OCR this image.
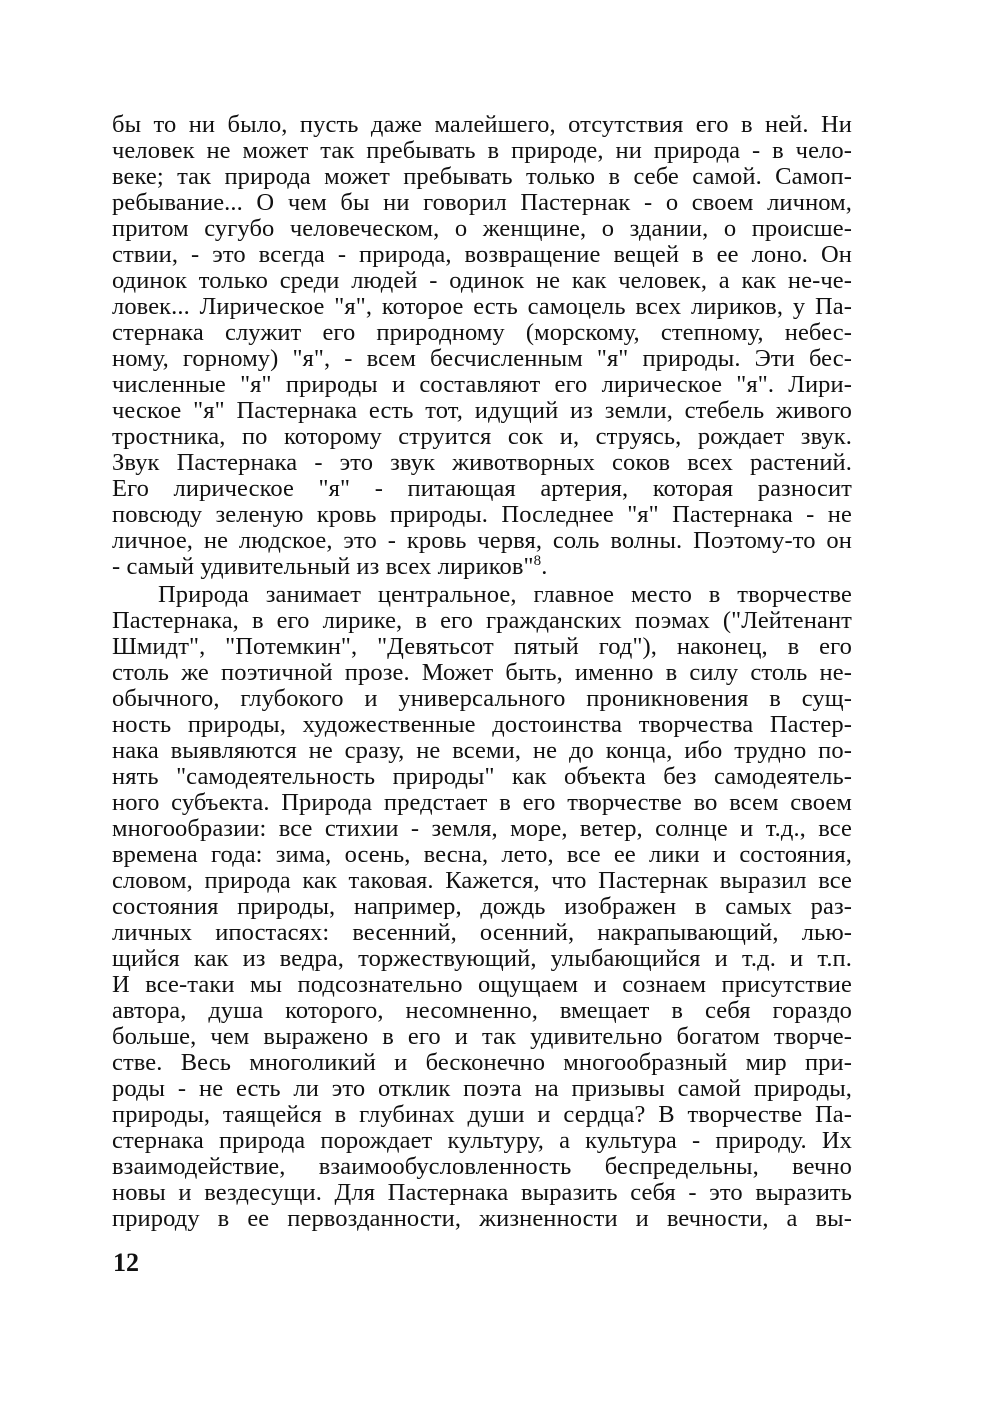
бы то ни было, пусть даже малейшего, отсутствия его в ней. Ни
человек не может так пребывать в природе, ни природа - в чело-
веке; так природа может пребывать только в себе самой. Самоп-
ребывание... О чем бы ни говорил Пастернак - о своем личном,
притом сугубо человеческом, о женщине, о здании, о происше-
ствии, - это всегда - природа, возвращение вещей в ее лоно. Он
одинок только среди людей - одинок не как человек, а как не-че-
ловек... Лирическое "я", которое есть самоцель всех лириков, у Па-
стернака служит его природному (морскому, степному, небес-
ному, горному) "я", - всем бесчисленным "я" природы. Эти бес-
численные "я" природы и составляют его лирическое "я". Лири-
ческое "я" Пастернака есть тот, идущий из земли, стебель живого
тростника, по которому струится сок и, струясь, рождает звук.
Звук Пастернака - это звук животворных соков всех растений.
Его лирическое "я" - питающая артерия, которая разносит
повсюду зеленую кровь природы. Последнее "я" Пастернака - не
личное, не людское, это - кровь червя, соль волны. Поэтому-то он
- самый удивительный из всех лириков"$^8$.
Природа занимает центральное, главное место в творчестве
Пастернака, в его лирике, в его гражданских поэмах ("Лейтенант
Шмидт", "Потемкин", "Девятьсот пятый год"), наконец, в его
столь же поэтичной прозе. Может быть, именно в силу столь не-
обычного, глубокого и универсального проникновения в сущ-
ность природы, художественные достоинства творчества Пастер-
нака выявляются не сразу, не всеми, не до конца, ибо трудно по-
нять "самодеятельность природы" как объекта без самодеятель-
ного субъекта. Природа предстает в его творчестве во всем своем
многообразии: все стихии - земля, море, ветер, солнце и т.д., все
времена года: зима, осень, весна, лето, все ее лики и состояния,
словом, природа как таковая. Кажется, что Пастернак выразил все
состояния природы, например, дождь изображен в самых раз-
личных ипостасях: весенний, осенний, накрапывающий, лью-
щийся как из ведра, торжествующий, улыбающийся и т.д. и т.п.
И все-таки мы подсознательно ощущаем и сознаем присутствие
автора, душа которого, несомненно, вмещает в себя гораздо
больше, чем выражено в его и так удивительно богатом творче-
стве. Весь многоликий и бесконечно многообразный мир при-
роды - не есть ли это отклик поэта на призывы самой природы,
природы, таящейся в глубинах души и сердца? В творчестве Па-
стернака природа порождает культуру, а культура - природу. Их
взаимодействие, взаимообусловленность беспредельны, вечно
новы и вездесущи. Для Пастернака выразить себя - это выразить
природу в ее первозданности, жизненности и вечности, а вы-
12
